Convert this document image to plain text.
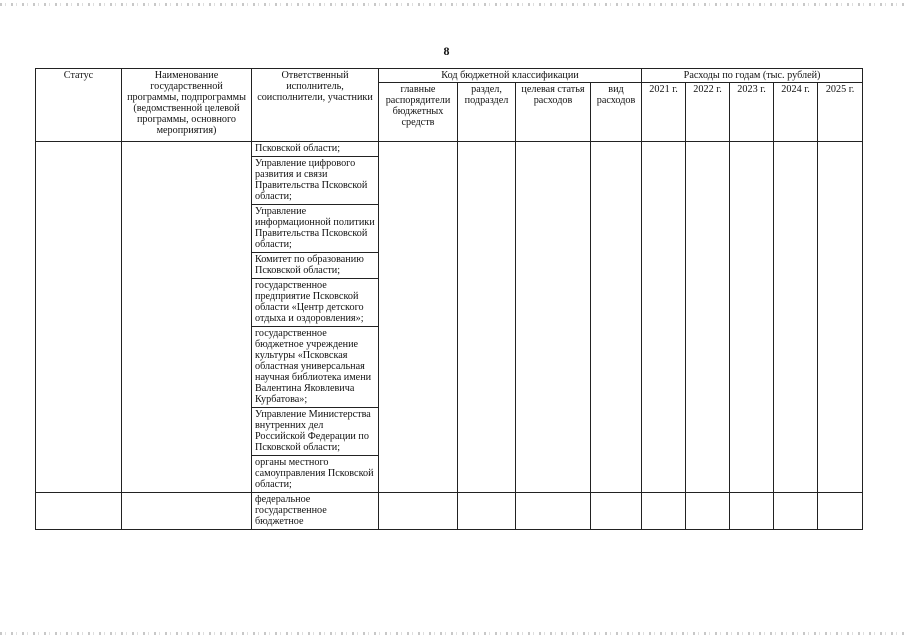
8
Статус	Наименование государственной программы, подпрограммы (ведомственной целевой программы, основного мероприятия)	Ответственный исполнитель, соисполнители, участники	Код бюджетной классификации				Расходы по годам (тыс. рублей)				
			главные распорядители бюджетных средств	раздел, подраздел	целевая статья расходов	вид расходов	2021 г.	2022 г.	2023 г.	2024 г.	2025 г.
		Псковской области;									
		Управление цифрового развития и связи Правительства Псковской области;									
		Управление информационной политики Правительства Псковской области;									
		Комитет по образованию Псковской области;									
		государственное предприятие Псковской области «Центр детского отдыха и оздоровления»;									
		государственное бюджетное учреждение культуры «Псковская областная универсальная научная библиотека имени Валентина Яковлевича Курбатова»;									
		Управление Министерства внутренних дел Российской Федерации по Псковской области;									
		органы местного самоуправления Псковской области;									
		федеральное государственное бюджетное									
